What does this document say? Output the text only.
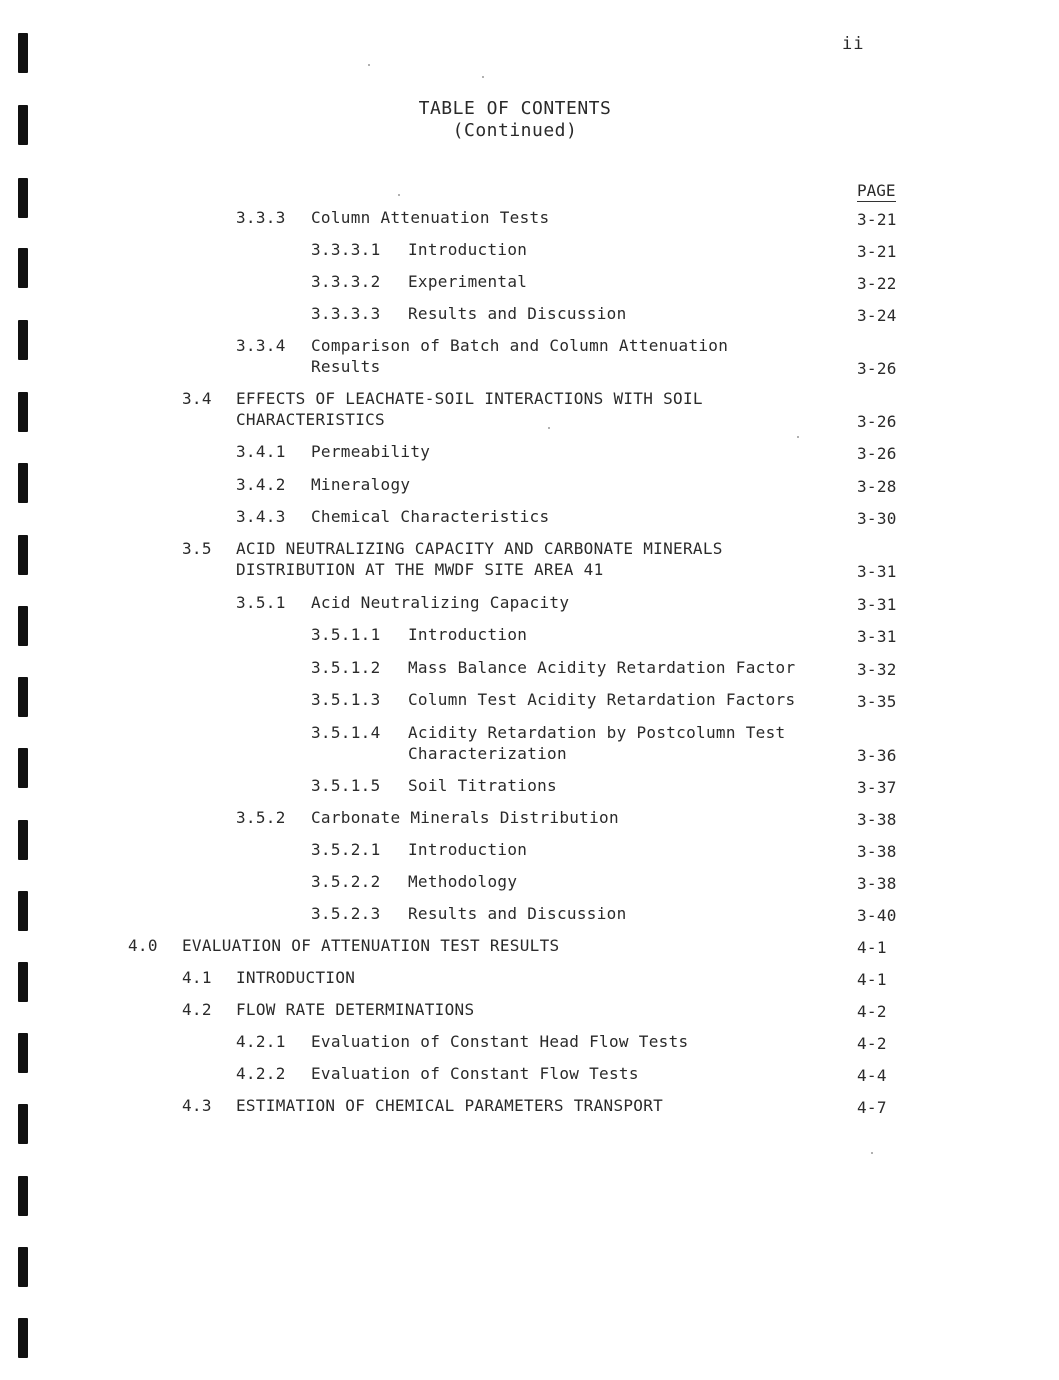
ii
TABLE OF CONTENTS
(Continued)
PAGE
3.3.3 Column Attenuation Tests	3-21
3.3.3.1 Introduction	3-21
3.3.3.2 Experimental	3-22
3.3.3.3 Results and Discussion	3-24
3.3.4 Comparison of Batch and Column Attenuation
Results	3-26
3.4 EFFECTS OF LEACHATE-SOIL INTERACTIONS WITH SOIL
CHARACTERISTICS	3-26
3.4.1 Permeability	3-26
3.4.2 Mineralogy	3-28
3.4.3 Chemical Characteristics	3-30
3.5 ACID NEUTRALIZING CAPACITY AND CARBONATE MINERALS
DISTRIBUTION AT THE MWDF SITE AREA 41	3-31
3.5.1 Acid Neutralizing Capacity	3-31
3.5.1.1 Introduction	3-31
3.5.1.2 Mass Balance Acidity Retardation Factor	3-32
3.5.1.3 Column Test Acidity Retardation Factors	3-35
3.5.1.4 Acidity Retardation by Postcolumn Test
Characterization	3-36
3.5.1.5 Soil Titrations	3-37
3.5.2 Carbonate Minerals Distribution	3-38
3.5.2.1 Introduction	3-38
3.5.2.2 Methodology	3-38
3.5.2.3 Results and Discussion	3-40
4.0 EVALUATION OF ATTENUATION TEST RESULTS	4-1
4.1 INTRODUCTION	4-1
4.2 FLOW RATE DETERMINATIONS	4-2
4.2.1 Evaluation of Constant Head Flow Tests	4-2
4.2.2 Evaluation of Constant Flow Tests	4-4
4.3 ESTIMATION OF CHEMICAL PARAMETERS TRANSPORT	4-7
